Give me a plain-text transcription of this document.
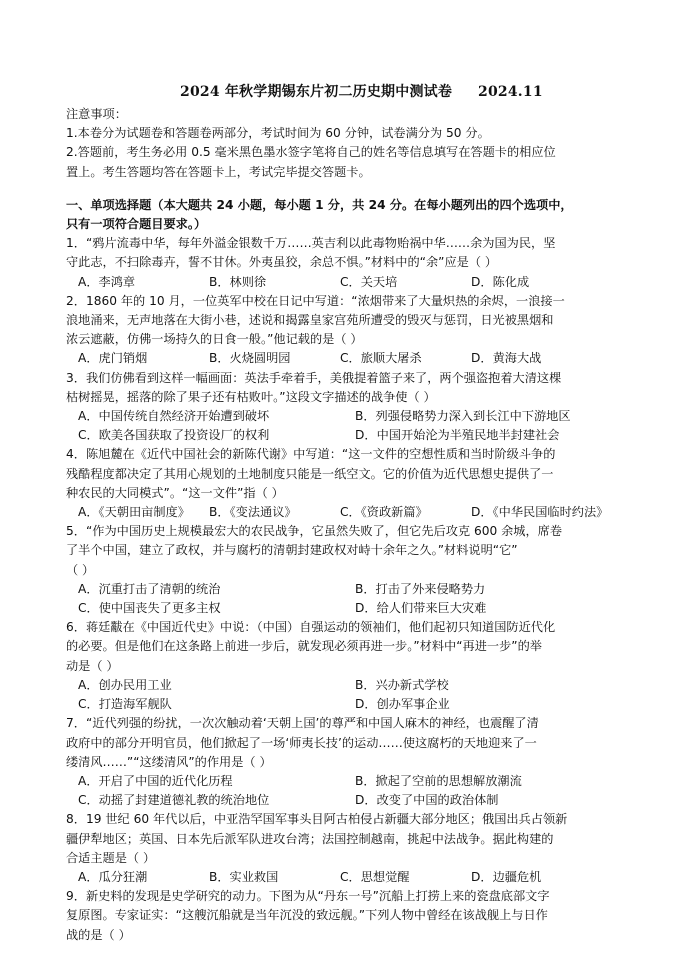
2024 年秋学期锡东片初二历史期中测试卷 2024.11
注意事项：
1.本卷分为试题卷和答题卷两部分，考试时间为 60 分钟，试卷满分为 50 分。
2.答题前，考生务必用 0.5 毫米黑色墨水签字笔将自己的姓名等信息填写在答题卡的相应位
置上。考生答题均答在答题卡上，考试完毕提交答题卡。
一、单项选择题（本大题共 24 小题，每小题 1 分，共 24 分。在每小题列出的四个选项中，
只有一项符合题目要求。）
1．“鸦片流毒中华，每年外溢金银数千万……英吉利以此毒物贻祸中华……余为国为民，坚
守此志，不扫除毒卉，誓不甘休。外夷虽狡，余总不惧。”材料中的“余”应是（ ）
A．李鸿章	B．林则徐	C．关天培	D．陈化成
2．1860 年的 10 月，一位英军中校在日记中写道：“浓烟带来了大量炽热的余烬，一浪接一
浪地涌来，无声地落在大街小巷，述说和揭露皇家宫苑所遭受的毁灭与惩罚，日光被黑烟和
浓云遮蔽，仿佛一场持久的日食一般。”他记载的是（ ）
A．虎门销烟	B．火烧圆明园	C．旅顺大屠杀	D．黄海大战
3．我们仿佛看到这样一幅画面：英法手牵着手，美俄提着篮子来了，两个强盗抱着大清这棵
枯树摇晃，摇落的除了果子还有枯败叶。”这段文字描述的战争使（ ）
A．中国传统自然经济开始遭到破坏	B．列强侵略势力深入到长江中下游地区
C．欧美各国获取了投资设厂的权利	D．中国开始沦为半殖民地半封建社会
4．陈旭麓在《近代中国社会的新陈代谢》中写道：“这一文件的空想性质和当时阶级斗争的
残酷程度都决定了其用心规划的土地制度只能是一纸空文。它的价值为近代思想史提供了一
种农民的大同模式”。“这一文件”指（ ）
A．《天朝田亩制度》	B．《变法通议》	C．《资政新篇》	D．《中华民国临时约法》
5．“作为中国历史上规模最宏大的农民战争，它虽然失败了，但它先后攻克 600 余城，席卷
了半个中国，建立了政权，并与腐朽的清朝封建政权对峙十余年之久。”材料说明“它”
（ ）
A．沉重打击了清朝的统治	B．打击了外来侵略势力
C．使中国丧失了更多主权	D．给人们带来巨大灾难
6．蒋廷黻在《中国近代史》中说：（中国）自强运动的领袖们，他们起初只知道国防近代化
的必要。但是他们在这条路上前进一步后，就发现必须再进一步。”材料中“再进一步”的举
动是（ ）
A．创办民用工业	B．兴办新式学校
C．打造海军舰队	D．创办军事企业
7．“近代列强的纷扰，一次次触动着‘天朝上国’的尊严和中国人麻木的神经，也震醒了清
政府中的部分开明官员，他们掀起了一场‘师夷长技’的运动……使这腐朽的天地迎来了一
缕清风……”“这缕清风”的作用是（ ）
A．开启了中国的近代化历程	B．掀起了空前的思想解放潮流
C．动摇了封建道德礼教的统治地位	D．改变了中国的政治体制
8．19 世纪 60 年代以后，中亚浩罕国军事头目阿古柏侵占新疆大部分地区；俄国出兵占领新
疆伊犁地区；英国、日本先后派军队进攻台湾；法国控制越南，挑起中法战争。据此构建的
合适主题是（ ）
A．瓜分狂潮	B．实业救国	C．思想觉醒	D．边疆危机
9．新史料的发现是史学研究的动力。下图为从“丹东一号”沉船上打捞上来的瓷盘底部文字
复原图。专家证实：“这艘沉船就是当年沉没的致远舰。”下列人物中曾经在该战舰上与日作
战的是（ ）
